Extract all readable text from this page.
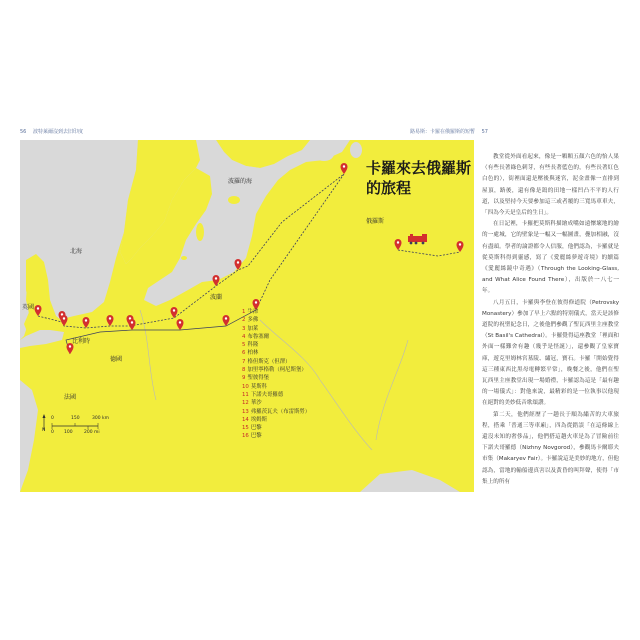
56 波特萊爾沒到去旧印度	路易斯：卡羅在俄羅斯的短暫 57
卡羅來去俄羅斯的旅程
北海
波羅的海
英國
比利時
德國
波蘭
法國
俄羅斯
1 牛津
2 多佛
3 加萊
4 布魯塞爾
5 科隆
6 柏林
7 格但斯克（但澤）
8 加里寧格勒（柯尼斯堡）
9 聖彼得堡
10 莫斯科
11 下諾夫哥羅德
12 華沙
13 弗羅茨瓦夫（布雷斯勞）
14 埃姆斯
15 巴黎
16 巴黎
N
0	150	300 km
0 100	200 mi

教堂從外面看起來，像是一顆顆五顏六色的怡人果（有些長著綠色刺芽，有些長著藍色的，有些長著紅色白色的），街裡面還是壓後與迷宮，泥金畫像一直排到屋頂，路後，還有像是鴿的田地一樣凹凸不平的人行道，以及堅持今天要參加這三或者覆的三寬馬車車夫，「四為今天是皇后的生日」。

在日記裡，卡羅把莫斯科描繪成嘴如遠懷壞地的繪的一處城，它的壁象是一幅又一幅圖畫，疊加相融，沒有盡頭。學者的論證都令人信服，他們認為，卡羅就是從莫斯科得到靈感，寫了《愛麗絲夢遊奇境》的續篇《愛麗絲鏡中奇遇》（Through the Looking-Glass, and What Alice Found There），出版於一八七一年。

八月五日，卡羅與李登在彼得修道院（Petrovsky Monastery）參加了早上六點的特別儀式，當天是該修道院的祝聖紀念日，之後他們參觀了聖瓦西里主座教堂（St Basil's Cathedral）。卡羅覺得這座教堂「裡面和外面一樣難舍有趣（幾乎是怪誕）」，還參觀了皇家寶庫，遊克里姆林宮墓陵、繡冠，寶石。卡羅「開始覺得這三種東西比黑母電轉繁平常」，晚餐之後，他們在聖瓦西里主座教堂出現一場婚禮，卡羅認為這是「最有趣的一場儀式」：對他來說，最精彩的是一位執事以他現在絕對的美妙低音歌頌讚。

第二天，他們經歷了一趟長于順為繡苦的大車旅程，搭乘「普通三等車廂」，四為從錯誤「在這條線上還沒未知的奢侈品」，他們搭這趟火車是為了冒險前往下諾夫哥羅德（Nizhny Novgorod），參觀馬卡爾耶夫市集（Makaryev Fair）。卡羅說這是美妙的地方，但他認為，當地的輸船邊真害以及黃昏的叫拜聲，使得「市集上的所有
